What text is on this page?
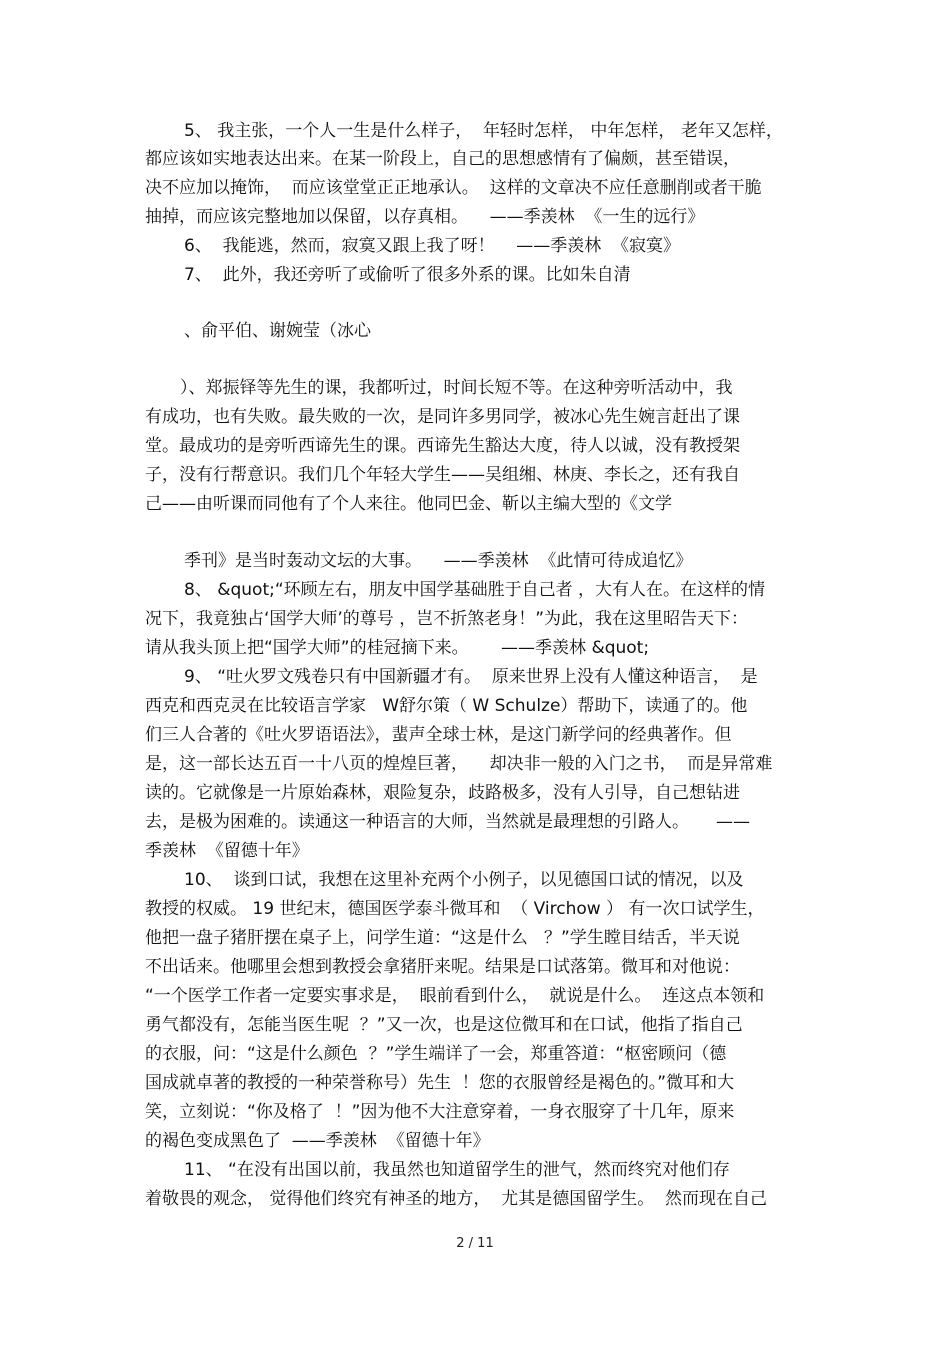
5、 我主张，一个人一生是什么样子，  年轻时怎样， 中年怎样， 老年又怎样，
都应该如实地表达出来。在某一阶段上，自己的思想感情有了偏颇，甚至错误，
决不应加以掩饰，  而应该堂堂正正地承认。  这样的文章决不应任意删削或者干脆
抽掉，而应该完整地加以保留，以存真相。    ——季羡林  《一生的远行》
6、  我能逃，然而，寂寞又跟上我了呀！    ——季羡林  《寂寞》
7、  此外，我还旁听了或偷听了很多外系的课。比如朱自清
、俞平伯、谢婉莹（冰心
）、郑振铎等先生的课，我都听过，时间长短不等。在这种旁听活动中，我
有成功，也有失败。最失败的一次，是同许多男同学，被冰心先生婉言赶出了课
堂。最成功的是旁听西谛先生的课。西谛先生豁达大度，待人以诚，没有教授架
子，没有行帮意识。我们几个年轻大学生——吴组缃、林庚、李长之，还有我自
己——由听课而同他有了个人来往。他同巴金、靳以主编大型的《文学
季刊》是当时轰动文坛的大事。    ——季羡林  《此情可待成追忆》
8、 &quot;“环顾左右，朋友中国学基础胜于自己者 ，大有人在。在这样的情
况下，我竟独占‘国学大师’的尊号 ，岂不折煞老身！”为此，我在这里昭告天下：
请从我头顶上把“国学大师”的桂冠摘下来。      ——季羡林 &quot;
9、 “吐火罗文残卷只有中国新疆才有。  原来世界上没有人懂这种语言，  是
西克和西克灵在比较语言学家   W舒尔策（ W Schulze）帮助下，读通了的。他
们三人合著的《吐火罗语语法》，蜚声全球士林，是这门新学问的经典著作。但
是，这一部长达五百一十八页的煌煌巨著，    却决非一般的入门之书，  而是异常难
读的。它就像是一片原始森林，艰险复杂，歧路极多，没有人引导，自己想钻进
去，是极为困难的。读通这一种语言的大师，当然就是最理想的引路人。     ——
季羡林  《留德十年》
10、  谈到口试，我想在这里补充两个小例子，以见德国口试的情况，以及
教授的权威。 19 世纪末，德国医学泰斗微耳和  （ Virchow ） 有一次口试学生，
他把一盘子猪肝摆在桌子上，问学生道：“这是什么   ？”学生瞠目结舌，半天说
不出话来。他哪里会想到教授会拿猪肝来呢。结果是口试落第。微耳和对他说：
“一个医学工作者一定要实事求是，  眼前看到什么，  就说是什么。  连这点本领和
勇气都没有，怎能当医生呢  ？”又一次，也是这位微耳和在口试，他指了指自己
的衣服，问：“这是什么颜色  ？”学生端详了一会，郑重答道：“枢密顾问（德
国成就卓著的教授的一种荣誉称号）先生  ！您的衣服曾经是褐色的。”微耳和大
笑，立刻说：“你及格了  ！”因为他不大注意穿着，一身衣服穿了十几年，原来
的褐色变成黑色了  ——季羡林  《留德十年》
11、 “在没有出国以前，我虽然也知道留学生的泄气，然而终究对他们存
着敬畏的观念， 觉得他们终究有神圣的地方，  尤其是德国留学生。  然而现在自己
2 / 11
